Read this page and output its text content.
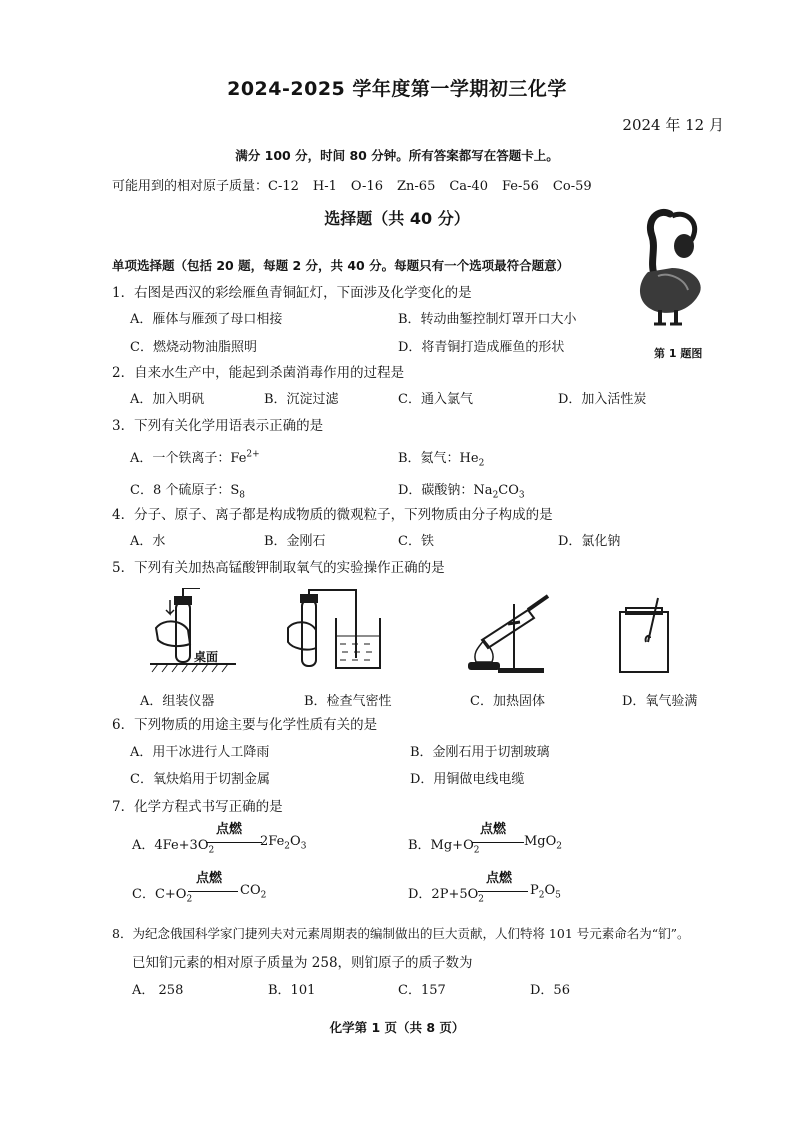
2024-2025 学年度第一学期初三化学
2024 年 12 月
满分 100 分，时间 80 分钟。所有答案都写在答题卡上。
可能用到的相对原子质量：C-12 H-1 O-16 Zn-65 Ca-40 Fe-56 Co-59
选择题（共 40 分）
单项选择题（包括 20 题，每题 2 分，共 40 分。每题只有一个选项最符合题意）
第 1 题图
1．右图是西汉的彩绘雁鱼青铜缸灯，下面涉及化学变化的是
A．雁体与雁颈了母口相接	B．转动曲錾控制灯罩开口大小
C．燃烧动物油脂照明	D．将青铜打造成雁鱼的形状
2．自来水生产中，能起到杀菌消毒作用的过程是
A．加入明矾	B．沉淀过滤	C．通入氯气	D．加入活性炭
3．下列有关化学用语表示正确的是
A．一个铁离子：$Fe^{2+}$	B．氦气：$He_2$
C．8 个硫原子：$S_8$	D．碳酸钠：$Na_2CO_3$
4．分子、原子、离子都是构成物质的微观粒子，下列物质由分子构成的是
A．水	B．金刚石	C．铁	D．氯化钠
5．下列有关加热高锰酸钾制取氧气的实验操作正确的是
桌面
A．组装仪器	B．检查气密性	C．加热固体	D．氧气验满
6．下列物质的用途主要与化学性质有关的是
A．用干冰进行人工降雨	B．金刚石用于切割玻璃
C．氧炔焰用于切割金属	D．用铜做电线电缆
7．化学方程式书写正确的是
A．$4Fe+3O_2$
点燃
$2Fe_2O_3$	B．$Mg+O_2$
点燃
MgO$_2$
C．$C+O_2$
点燃
$CO_2$	D．$2P+5O_2$
点燃
$P_2O_5$
8．为纪念俄国科学家门捷列夫对元素周期表的编制做出的巨大贡献，人们特将 101 号元素命名为“钔”。
已知钔元素的相对原子质量为 258，则钔原子的质子数为
A． 258	B．101	C．157	D．56
化学第 1 页（共 8 页）
